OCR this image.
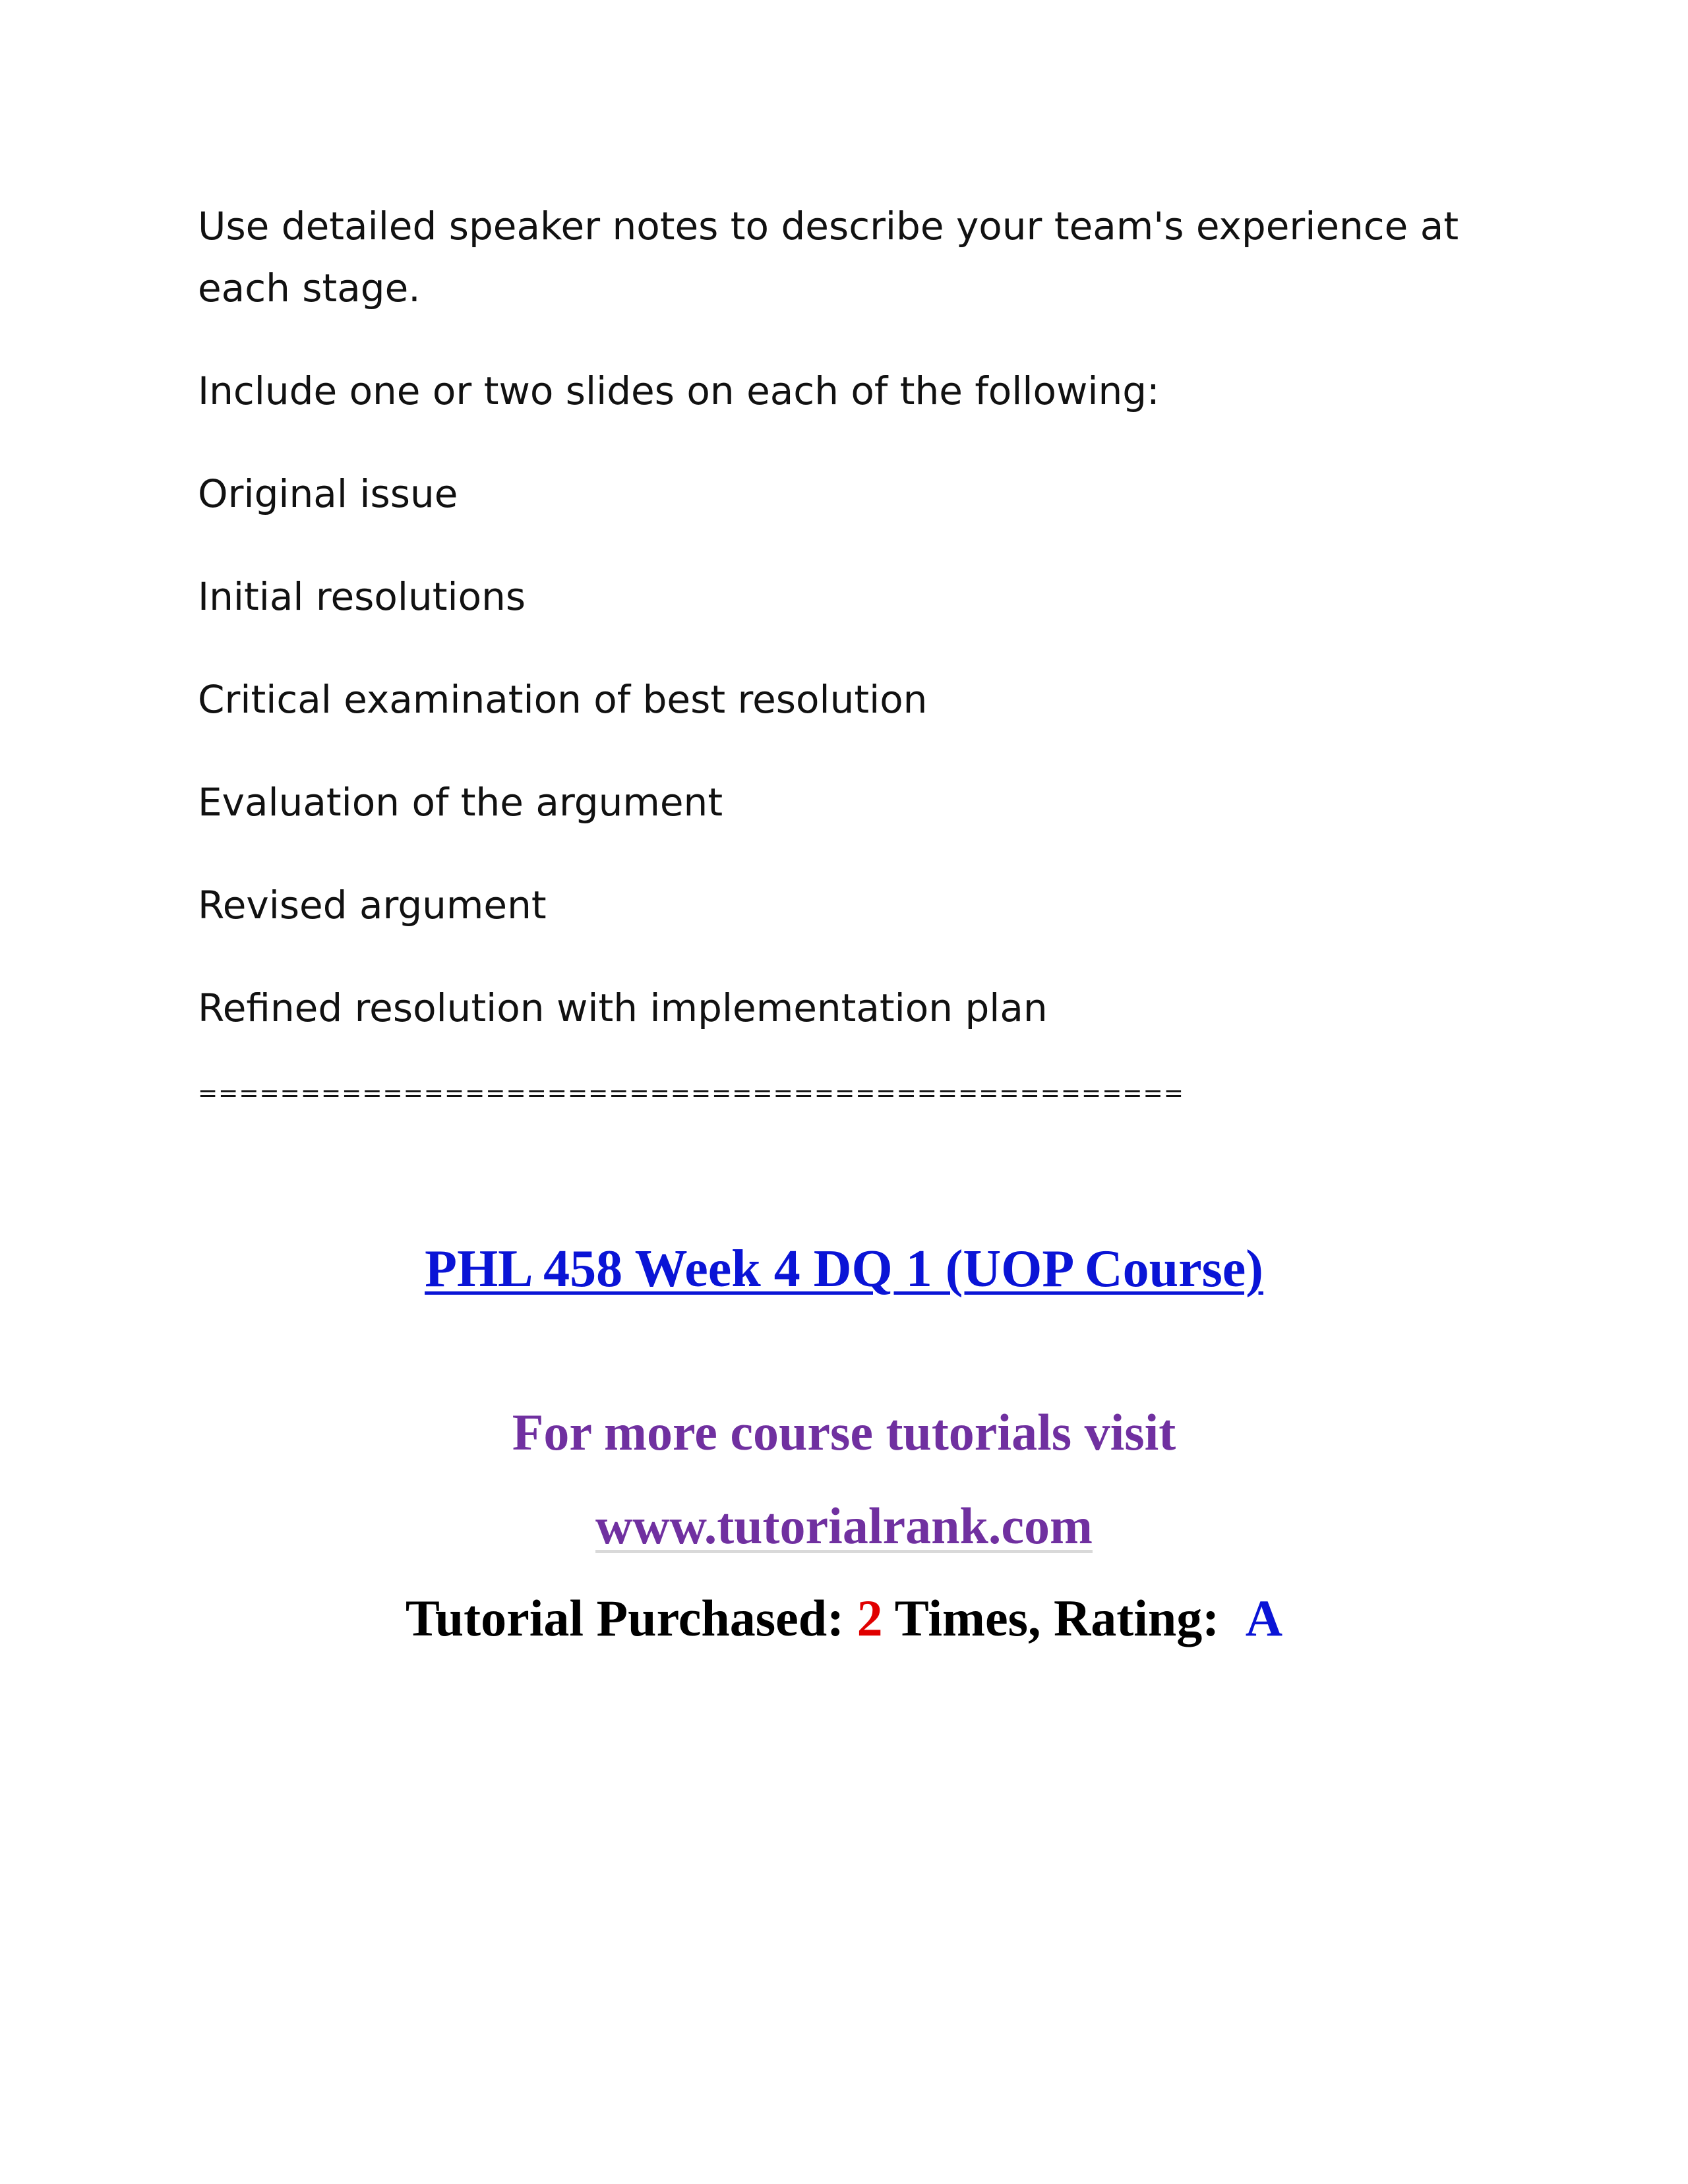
Use detailed speaker notes to describe your team's experience at each stage.

Include one or two slides on each of the following:

Original issue

Initial resolutions

Critical examination of best resolution

Evaluation of the argument

Revised argument

Refined resolution with implementation plan

================================================
PHL 458 Week 4 DQ 1 (UOP Course)
For more course tutorials visit
www.tutorialrank.com
Tutorial Purchased: 2 Times, Rating: A
